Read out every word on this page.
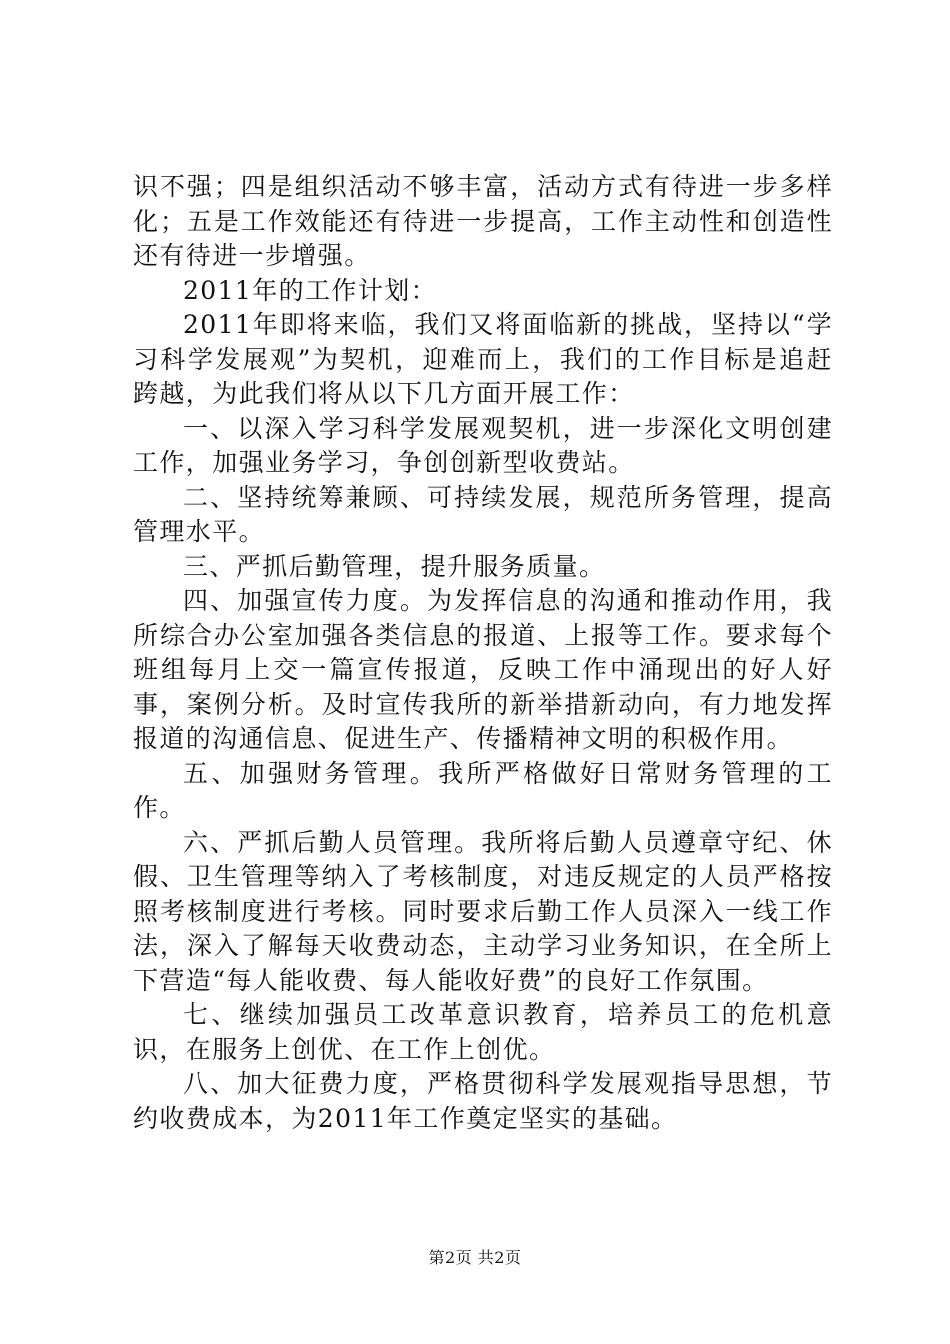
识不强；四是组织活动不够丰富，活动方式有待进一步多样化；五是工作效能还有待进一步提高，工作主动性和创造性还有待进一步增强。

2011年的工作计划：

2011年即将来临，我们又将面临新的挑战，坚持以“学习科学发展观”为契机，迎难而上，我们的工作目标是追赶跨越，为此我们将从以下几方面开展工作：

一、以深入学习科学发展观契机，进一步深化文明创建工作，加强业务学习，争创创新型收费站。

二、坚持统筹兼顾、可持续发展，规范所务管理，提高管理水平。

三、严抓后勤管理，提升服务质量。

四、加强宣传力度。为发挥信息的沟通和推动作用，我所综合办公室加强各类信息的报道、上报等工作。要求每个班组每月上交一篇宣传报道，反映工作中涌现出的好人好事，案例分析。及时宣传我所的新举措新动向，有力地发挥报道的沟通信息、促进生产、传播精神文明的积极作用。

五、加强财务管理。我所严格做好日常财务管理的工作。

六、严抓后勤人员管理。我所将后勤人员遵章守纪、休假、卫生管理等纳入了考核制度，对违反规定的人员严格按照考核制度进行考核。同时要求后勤工作人员深入一线工作法，深入了解每天收费动态，主动学习业务知识，在全所上下营造“每人能收费、每人能收好费”的良好工作氛围。

七、继续加强员工改革意识教育，培养员工的危机意识，在服务上创优、在工作上创优。

八、加大征费力度，严格贯彻科学发展观指导思想，节约收费成本，为2011年工作奠定坚实的基础。

第2页 共2页
